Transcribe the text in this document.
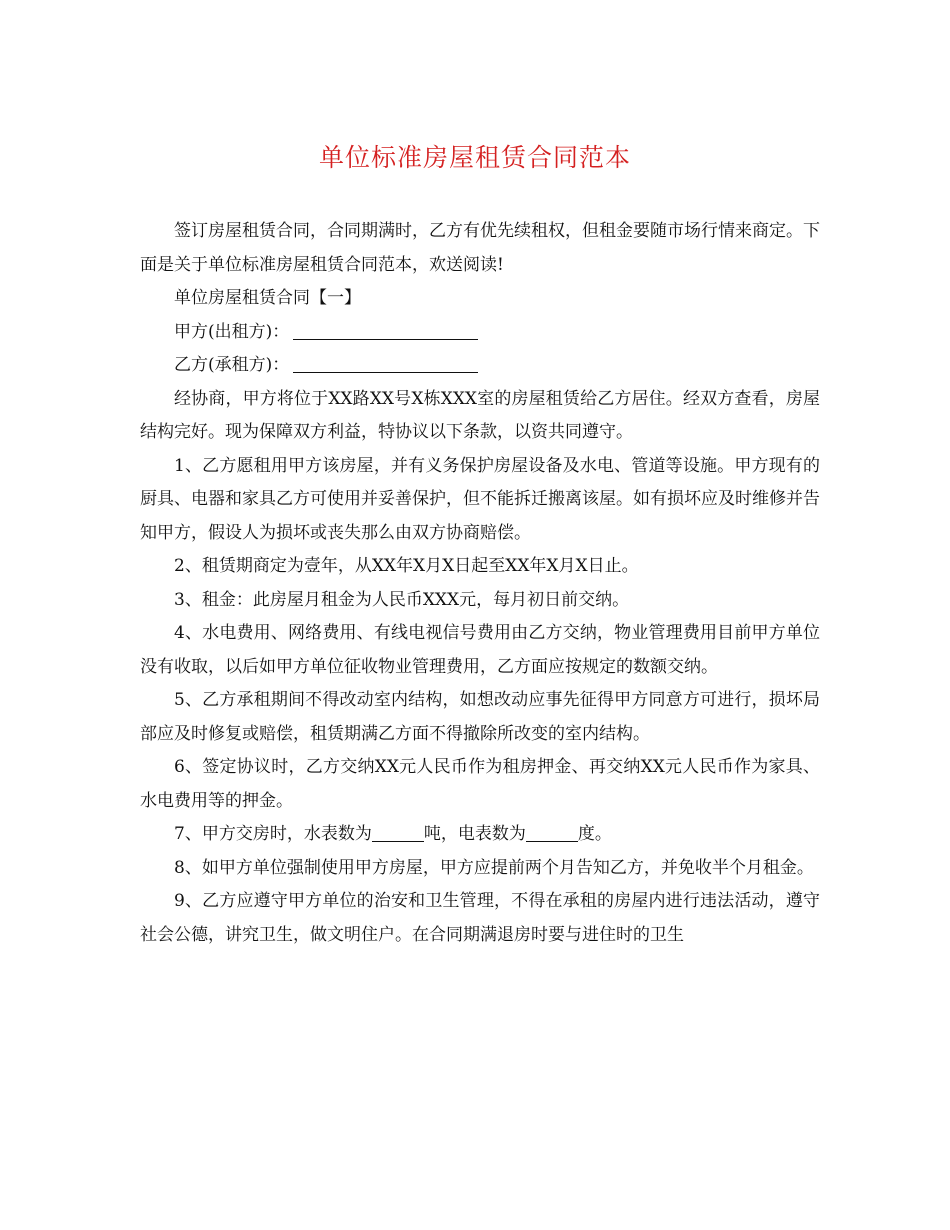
单位标准房屋租赁合同范本

签订房屋租赁合同，合同期满时，乙方有优先续租权，但租金要随市场行情来商定。下面是关于单位标准房屋租赁合同范本，欢送阅读!

单位房屋租赁合同【一】

甲方(出租方)：

乙方(承租方)：

经协商，甲方将位于XX路XX号X栋XXX室的房屋租赁给乙方居住。经双方查看，房屋结构完好。现为保障双方利益，特协议以下条款，以资共同遵守。

1、乙方愿租用甲方该房屋，并有义务保护房屋设备及水电、管道等设施。甲方现有的厨具、电器和家具乙方可使用并妥善保护，但不能拆迁搬离该屋。如有损坏应及时维修并告知甲方，假设人为损坏或丧失那么由双方协商赔偿。

2、租赁期商定为壹年，从XX年X月X日起至XX年X月X日止。

3、租金：此房屋月租金为人民币XXX元，每月初日前交纳。

4、水电费用、网络费用、有线电视信号费用由乙方交纳，物业管理费用目前甲方单位没有收取，以后如甲方单位征收物业管理费用，乙方面应按规定的数额交纳。

5、乙方承租期间不得改动室内结构，如想改动应事先征得甲方同意方可进行，损坏局部应及时修复或赔偿，租赁期满乙方面不得撤除所改变的室内结构。

6、签定协议时，乙方交纳XX元人民币作为租房押金、再交纳XX元人民币作为家具、水电费用等的押金。

7、甲方交房时，水表数为	吨，电表数为	度。

8、如甲方单位强制使用甲方房屋，甲方应提前两个月告知乙方，并免收半个月租金。

9、乙方应遵守甲方单位的治安和卫生管理，不得在承租的房屋内进行违法活动，遵守社会公德，讲究卫生，做文明住户。在合同期满退房时要与进住时的卫生
